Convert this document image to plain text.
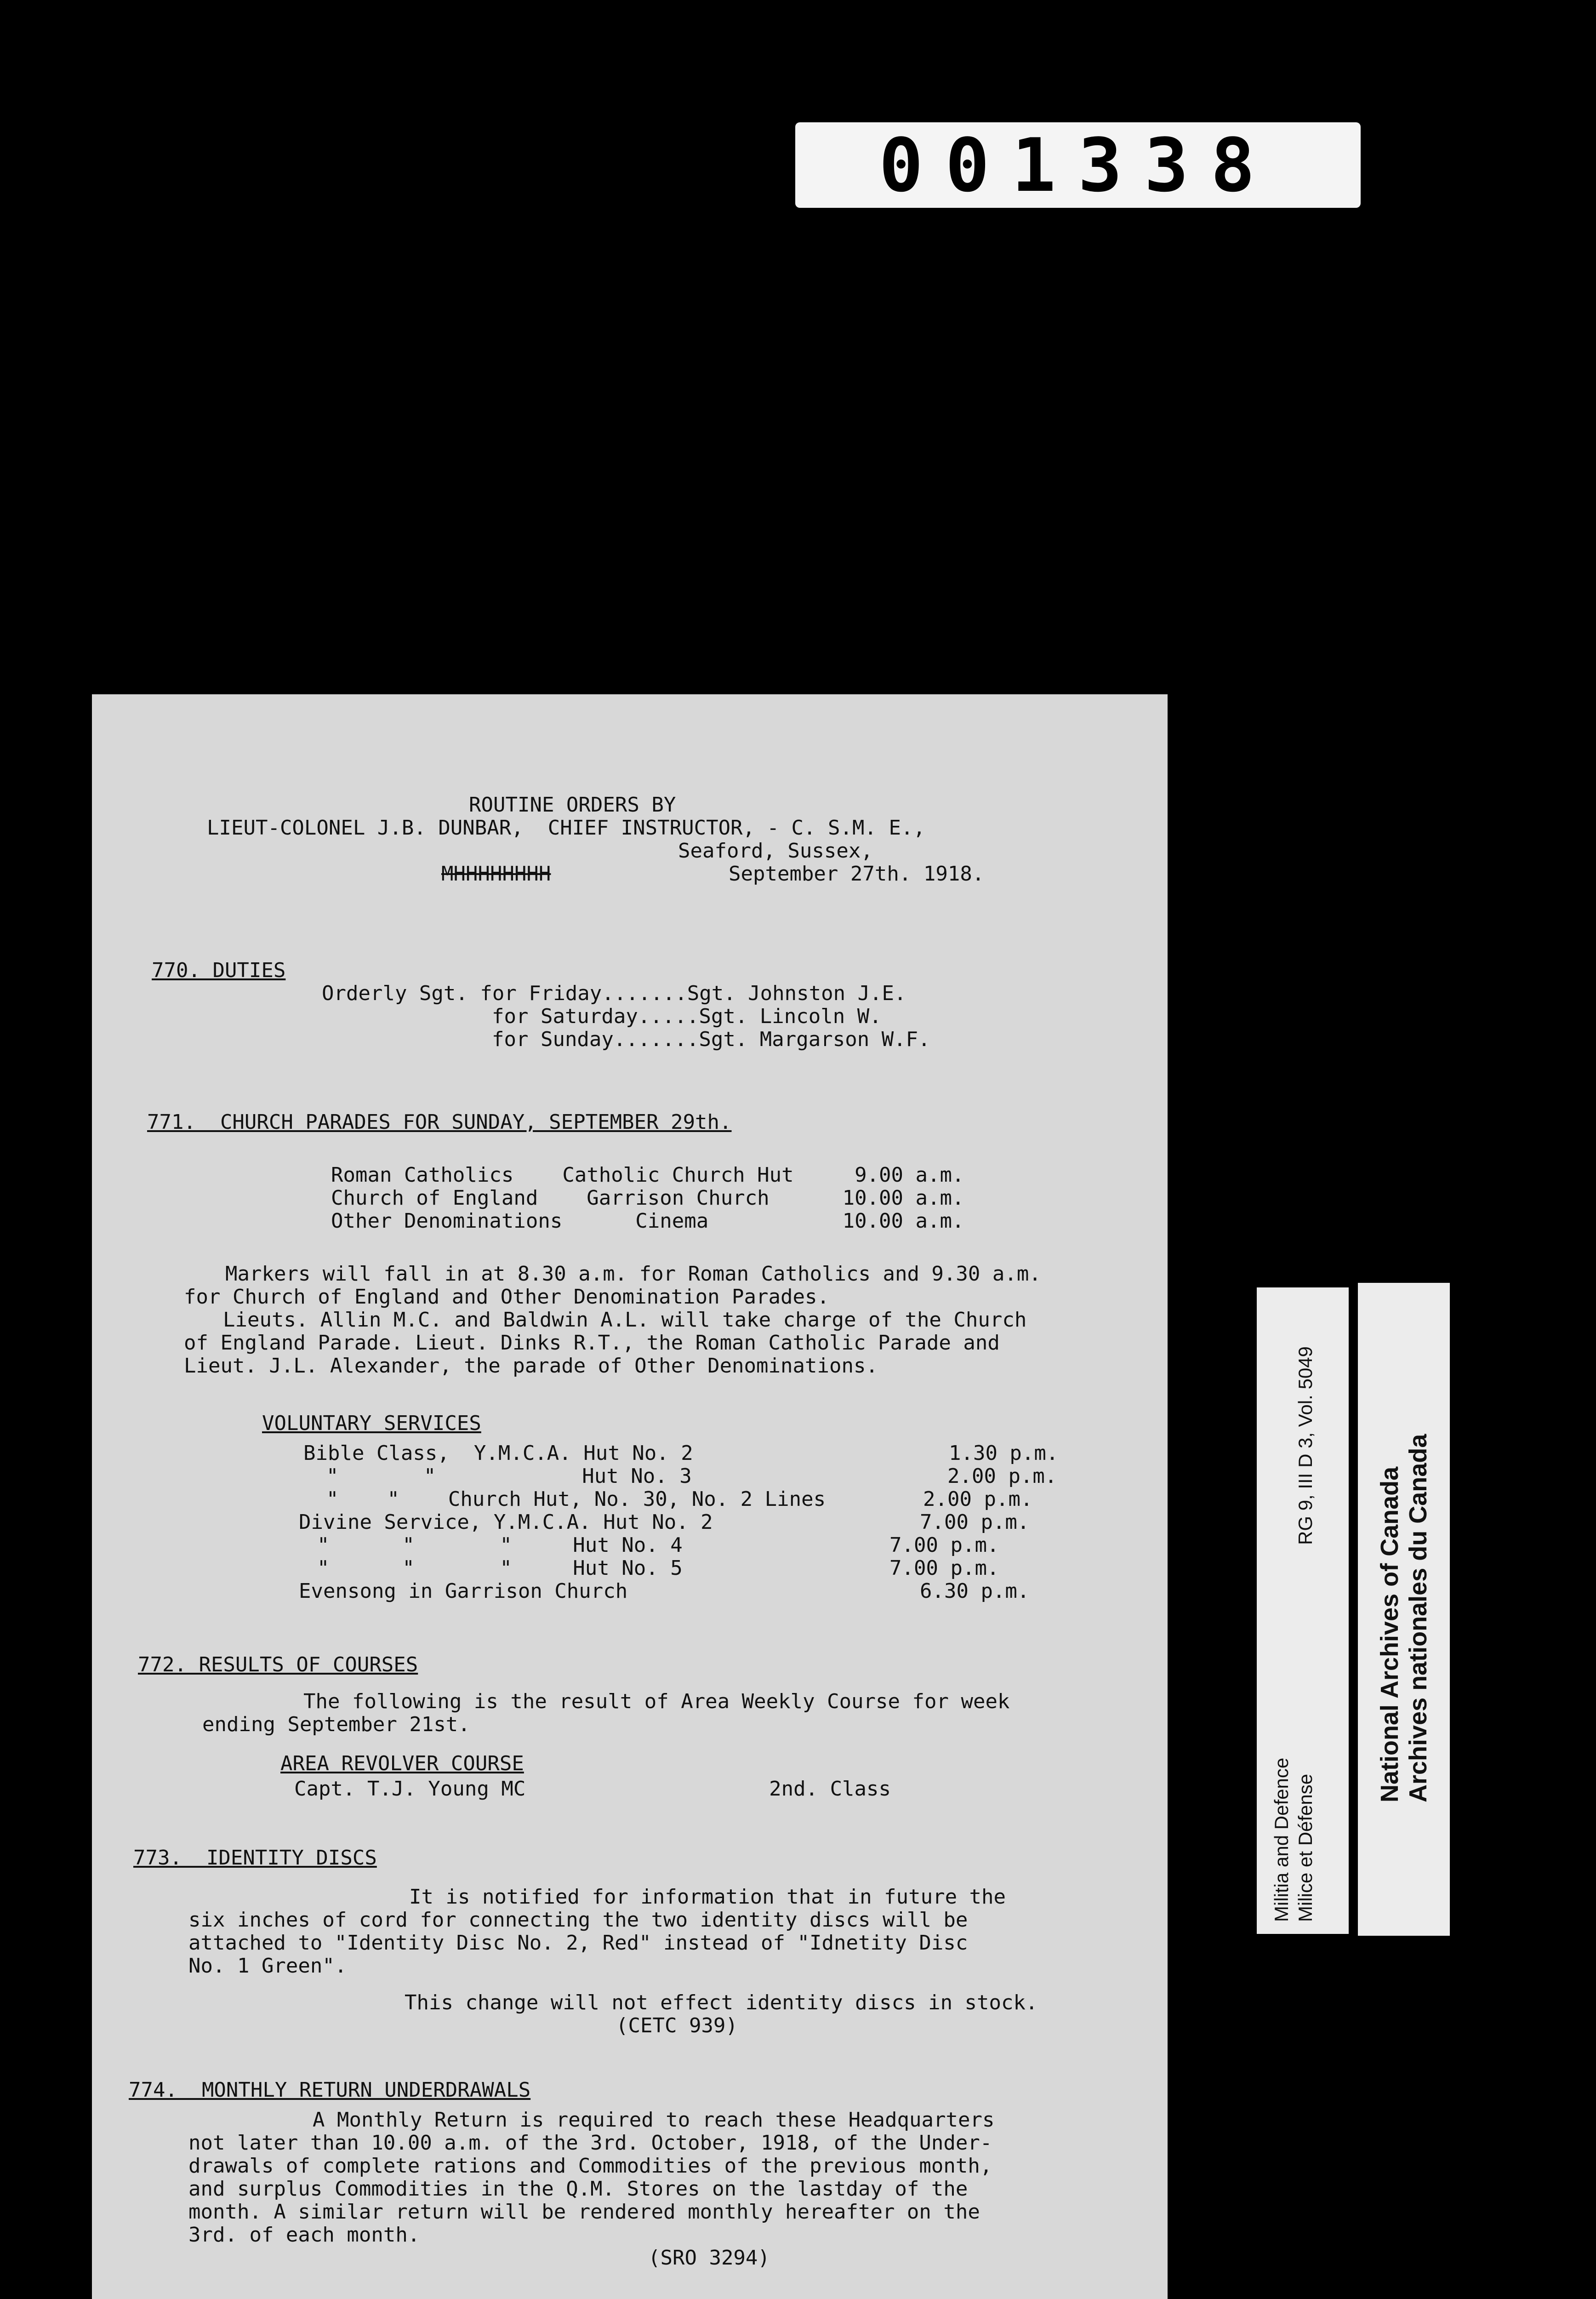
001338
ROUTINE ORDERS BY
LIEUT-COLONEL J.B. DUNBAR,  CHIEF INSTRUCTOR, - C. S.M. E.,
Seaford, Sussex,
MHHHHHHHH	September 27th. 1918.
770. DUTIES
Orderly Sgt. for Friday.......Sgt. Johnston J.E.
for Saturday.....Sgt. Lincoln W.
for Sunday.......Sgt. Margarson W.F.
771.  CHURCH PARADES FOR SUNDAY, SEPTEMBER 29th.
Roman Catholics    Catholic Church Hut     9.00 a.m.
Church of England    Garrison Church      10.00 a.m.
Other Denominations      Cinema           10.00 a.m.
Markers will fall in at 8.30 a.m. for Roman Catholics and 9.30 a.m.
for Church of England and Other Denomination Parades.
Lieuts. Allin M.C. and Baldwin A.L. will take charge of the Church
of England Parade. Lieut. Dinks R.T., the Roman Catholic Parade and
Lieut. J.L. Alexander, the parade of Other Denominations.
VOLUNTARY SERVICES
Bible Class,  Y.M.C.A. Hut No. 2                     1.30 p.m.
"       "            Hut No. 3                     2.00 p.m.
"    "    Church Hut, No. 30, No. 2 Lines        2.00 p.m.
Divine Service, Y.M.C.A. Hut No. 2                 7.00 p.m.
"      "       "     Hut No. 4                 7.00 p.m.
"      "       "     Hut No. 5                 7.00 p.m.
Evensong in Garrison Church                        6.30 p.m.
772. RESULTS OF COURSES
The following is the result of Area Weekly Course for week
ending September 21st.
AREA REVOLVER COURSE
Capt. T.J. Young MC                    2nd. Class
773.  IDENTITY DISCS
It is notified for information that in future the
six inches of cord for connecting the two identity discs will be
attached to "Identity Disc No. 2, Red" instead of "Idnetity Disc
No. 1 Green".
This change will not effect identity discs in stock.
(CETC 939)
774.  MONTHLY RETURN UNDERDRAWALS
A Monthly Return is required to reach these Headquarters
not later than 10.00 a.m. of the 3rd. October, 1918, of the Under-
drawals of complete rations and Commodities of the previous month,
and surplus Commodities in the Q.M. Stores on the lastday of the
month. A similar return will be rendered monthly hereafter on the
3rd. of each month.
(SRO 3294)
Militia and Defence Milice et Défense
RG 9, III D 3, Vol. 5049
National Archives of Canada Archives nationales du Canada
